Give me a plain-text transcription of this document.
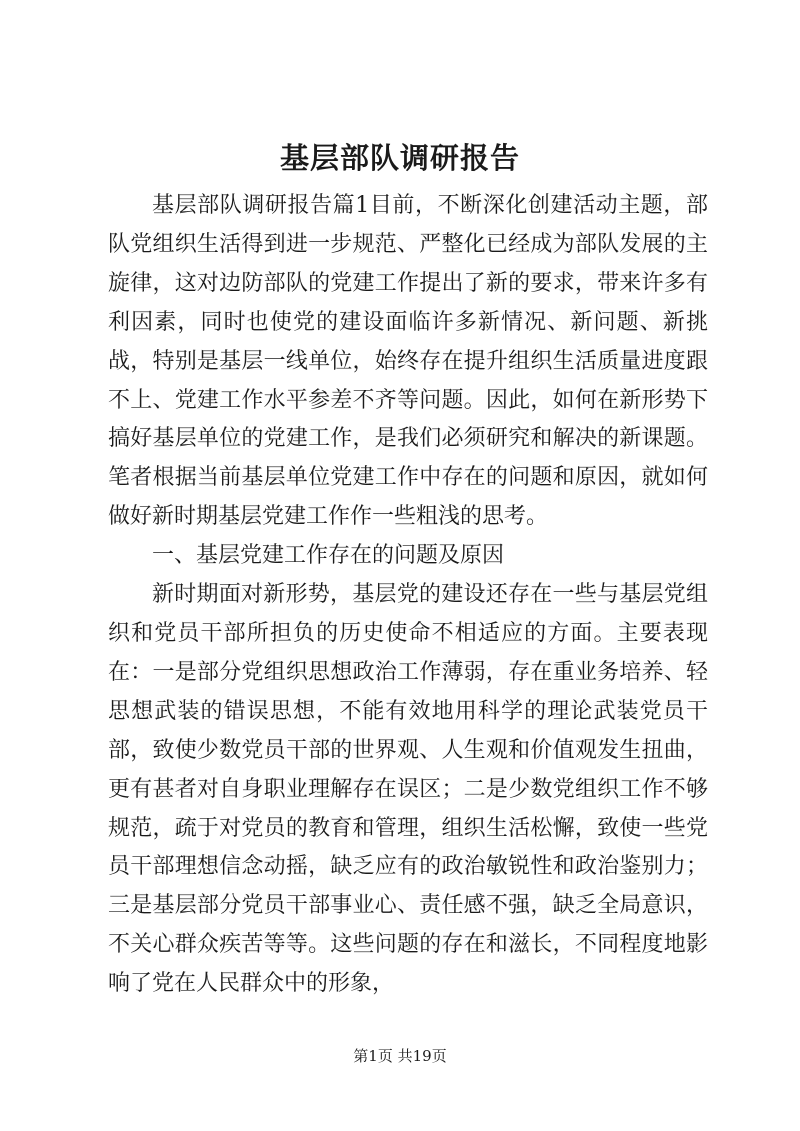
基层部队调研报告

基层部队调研报告篇1目前，不断深化创建活动主题，部队党组织生活得到进一步规范、严整化已经成为部队发展的主旋律，这对边防部队的党建工作提出了新的要求，带来许多有利因素，同时也使党的建设面临许多新情况、新问题、新挑战，特别是基层一线单位，始终存在提升组织生活质量进度跟不上、党建工作水平参差不齐等问题。因此，如何在新形势下搞好基层单位的党建工作，是我们必须研究和解决的新课题。笔者根据当前基层单位党建工作中存在的问题和原因，就如何做好新时期基层党建工作作一些粗浅的思考。

一、基层党建工作存在的问题及原因

新时期面对新形势，基层党的建设还存在一些与基层党组织和党员干部所担负的历史使命不相适应的方面。主要表现在：一是部分党组织思想政治工作薄弱，存在重业务培养、轻思想武装的错误思想，不能有效地用科学的理论武装党员干部，致使少数党员干部的世界观、人生观和价值观发生扭曲，更有甚者对自身职业理解存在误区；二是少数党组织工作不够规范，疏于对党员的教育和管理，组织生活松懈，致使一些党员干部理想信念动摇，缺乏应有的政治敏锐性和政治鉴别力；三是基层部分党员干部事业心、责任感不强，缺乏全局意识，不关心群众疾苦等等。这些问题的存在和滋长，不同程度地影响了党在人民群众中的形象，

第1页 共19页
